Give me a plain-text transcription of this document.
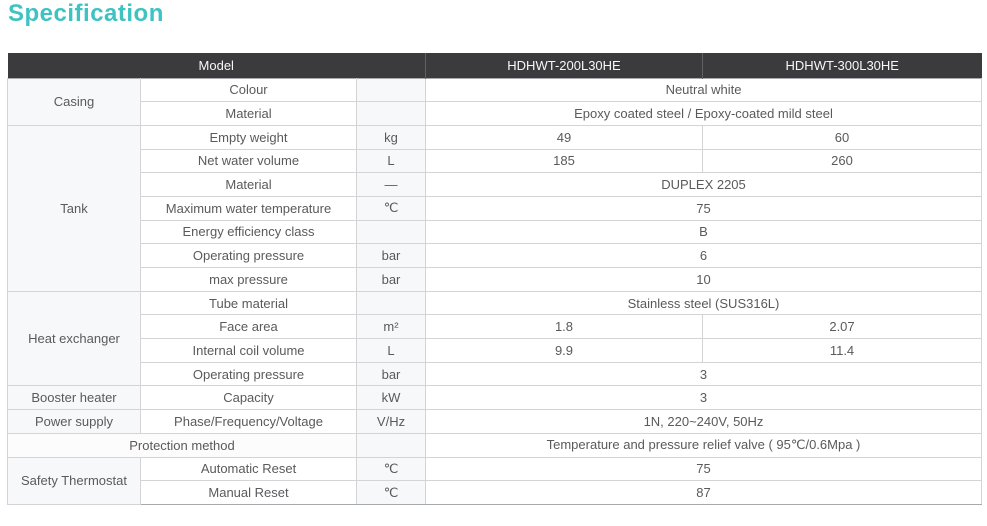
Specification
Model			HDHWT-200L30HE	HDHWT-300L30HE
Casing	Colour		Neutral white	
	Material		Epoxy coated steel / Epoxy-coated mild steel	
Tank	Empty weight	kg	49	60
	Net water volume	L	185	260
	Material	—	DUPLEX 2205	
	Maximum water temperature	℃	75	
	Energy efficiency class		B	
	Operating pressure	bar	6	
	max pressure	bar	10	
Heat exchanger	Tube material		Stainless steel (SUS316L)	
	Face area	m²	1.8	2.07
	Internal coil volume	L	9.9	11.4
	Operating pressure	bar	3	
Booster heater	Capacity	kW	3	
Power supply	Phase/Frequency/Voltage	V/Hz	1N, 220~240V, 50Hz	
Protection method			Temperature and pressure relief valve ( 95℃/0.6Mpa )	
Safety Thermostat	Automatic Reset	℃	75	
	Manual Reset	℃	87	
